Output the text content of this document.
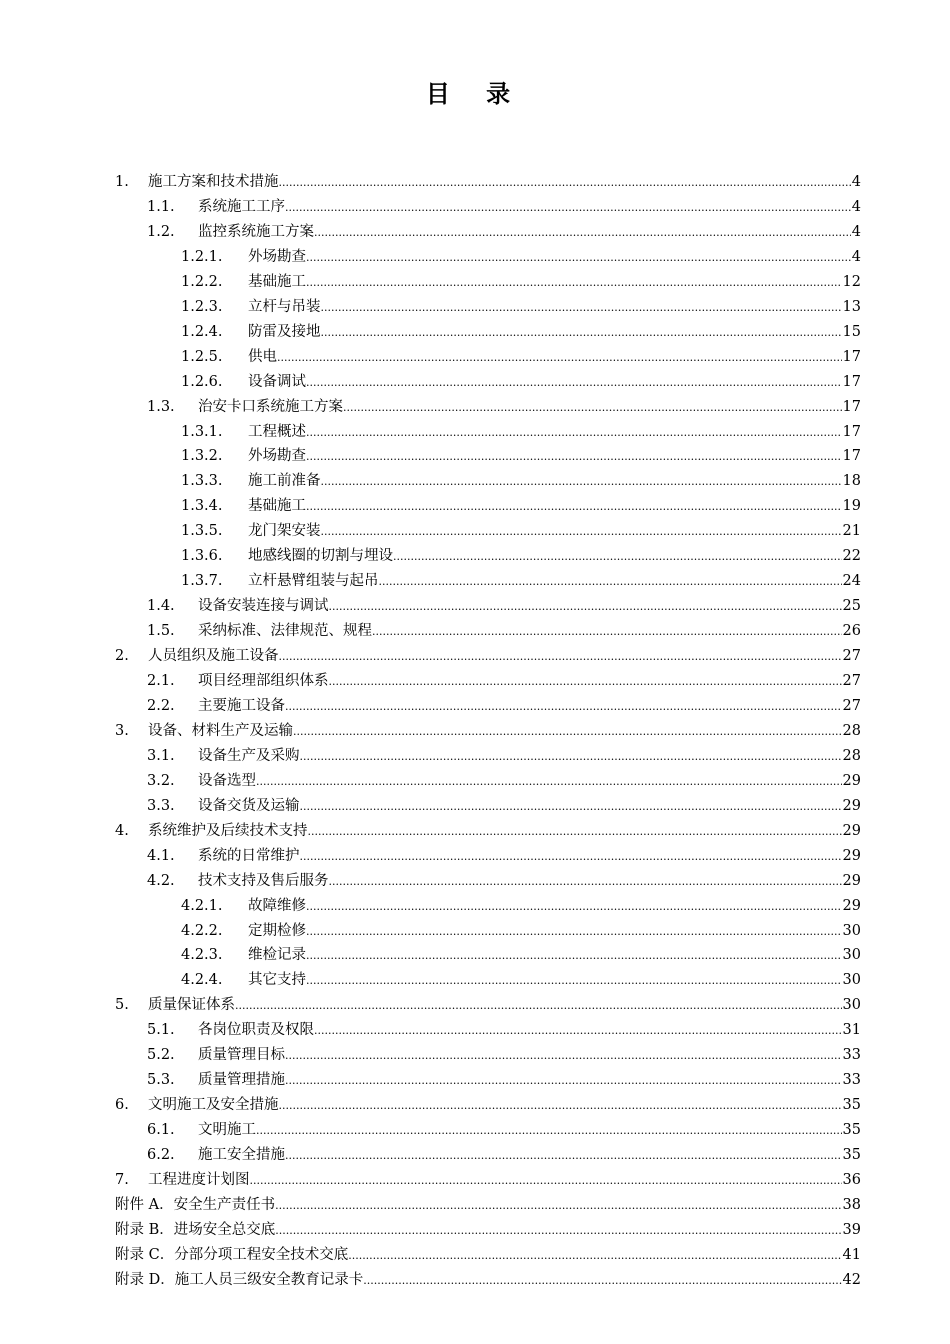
目 录
1. 施工方案和技术措施 .....	4
1.1. 系统施工工序 .....	4
1.2. 监控系统施工方案 .....	4
1.2.1. 外场勘查 .....	4
1.2.2. 基础施工 .....	12
1.2.3. 立杆与吊装 .....	13
1.2.4. 防雷及接地 .....	15
1.2.5. 供电 .....	17
1.2.6. 设备调试 .....	17
1.3. 治安卡口系统施工方案 .....	17
1.3.1. 工程概述 .....	17
1.3.2. 外场勘查 .....	17
1.3.3. 施工前准备 .....	18
1.3.4. 基础施工 .....	19
1.3.5. 龙门架安装 .....	21
1.3.6. 地感线圈的切割与埋设 .....	22
1.3.7. 立杆悬臂组装与起吊 .....	24
1.4. 设备安装连接与调试 .....	25
1.5. 采纳标准、法律规范、规程 .....	26
2. 人员组织及施工设备 .....	27
2.1. 项目经理部组织体系 .....	27
2.2. 主要施工设备 .....	27
3. 设备、材料生产及运输 .....	28
3.1. 设备生产及采购 .....	28
3.2. 设备选型 .....	29
3.3. 设备交货及运输 .....	29
4. 系统维护及后续技术支持 .....	29
4.1. 系统的日常维护 .....	29
4.2. 技术支持及售后服务 .....	29
4.2.1. 故障维修 .....	29
4.2.2. 定期检修 .....	30
4.2.3. 维检记录 .....	30
4.2.4. 其它支持 .....	30
5. 质量保证体系 .....	30
5.1. 各岗位职责及权限 .....	31
5.2. 质量管理目标 .....	33
5.3. 质量管理措施 .....	33
6. 文明施工及安全措施 .....	35
6.1. 文明施工 .....	35
6.2. 施工安全措施 .....	35
7. 工程进度计划图 .....	36
附件 A．安全生产责任书 .....	38
附录 B．进场安全总交底 .....	39
附录 C．分部分项工程安全技术交底 .....	41
附录 D．施工人员三级安全教育记录卡 .....	42
